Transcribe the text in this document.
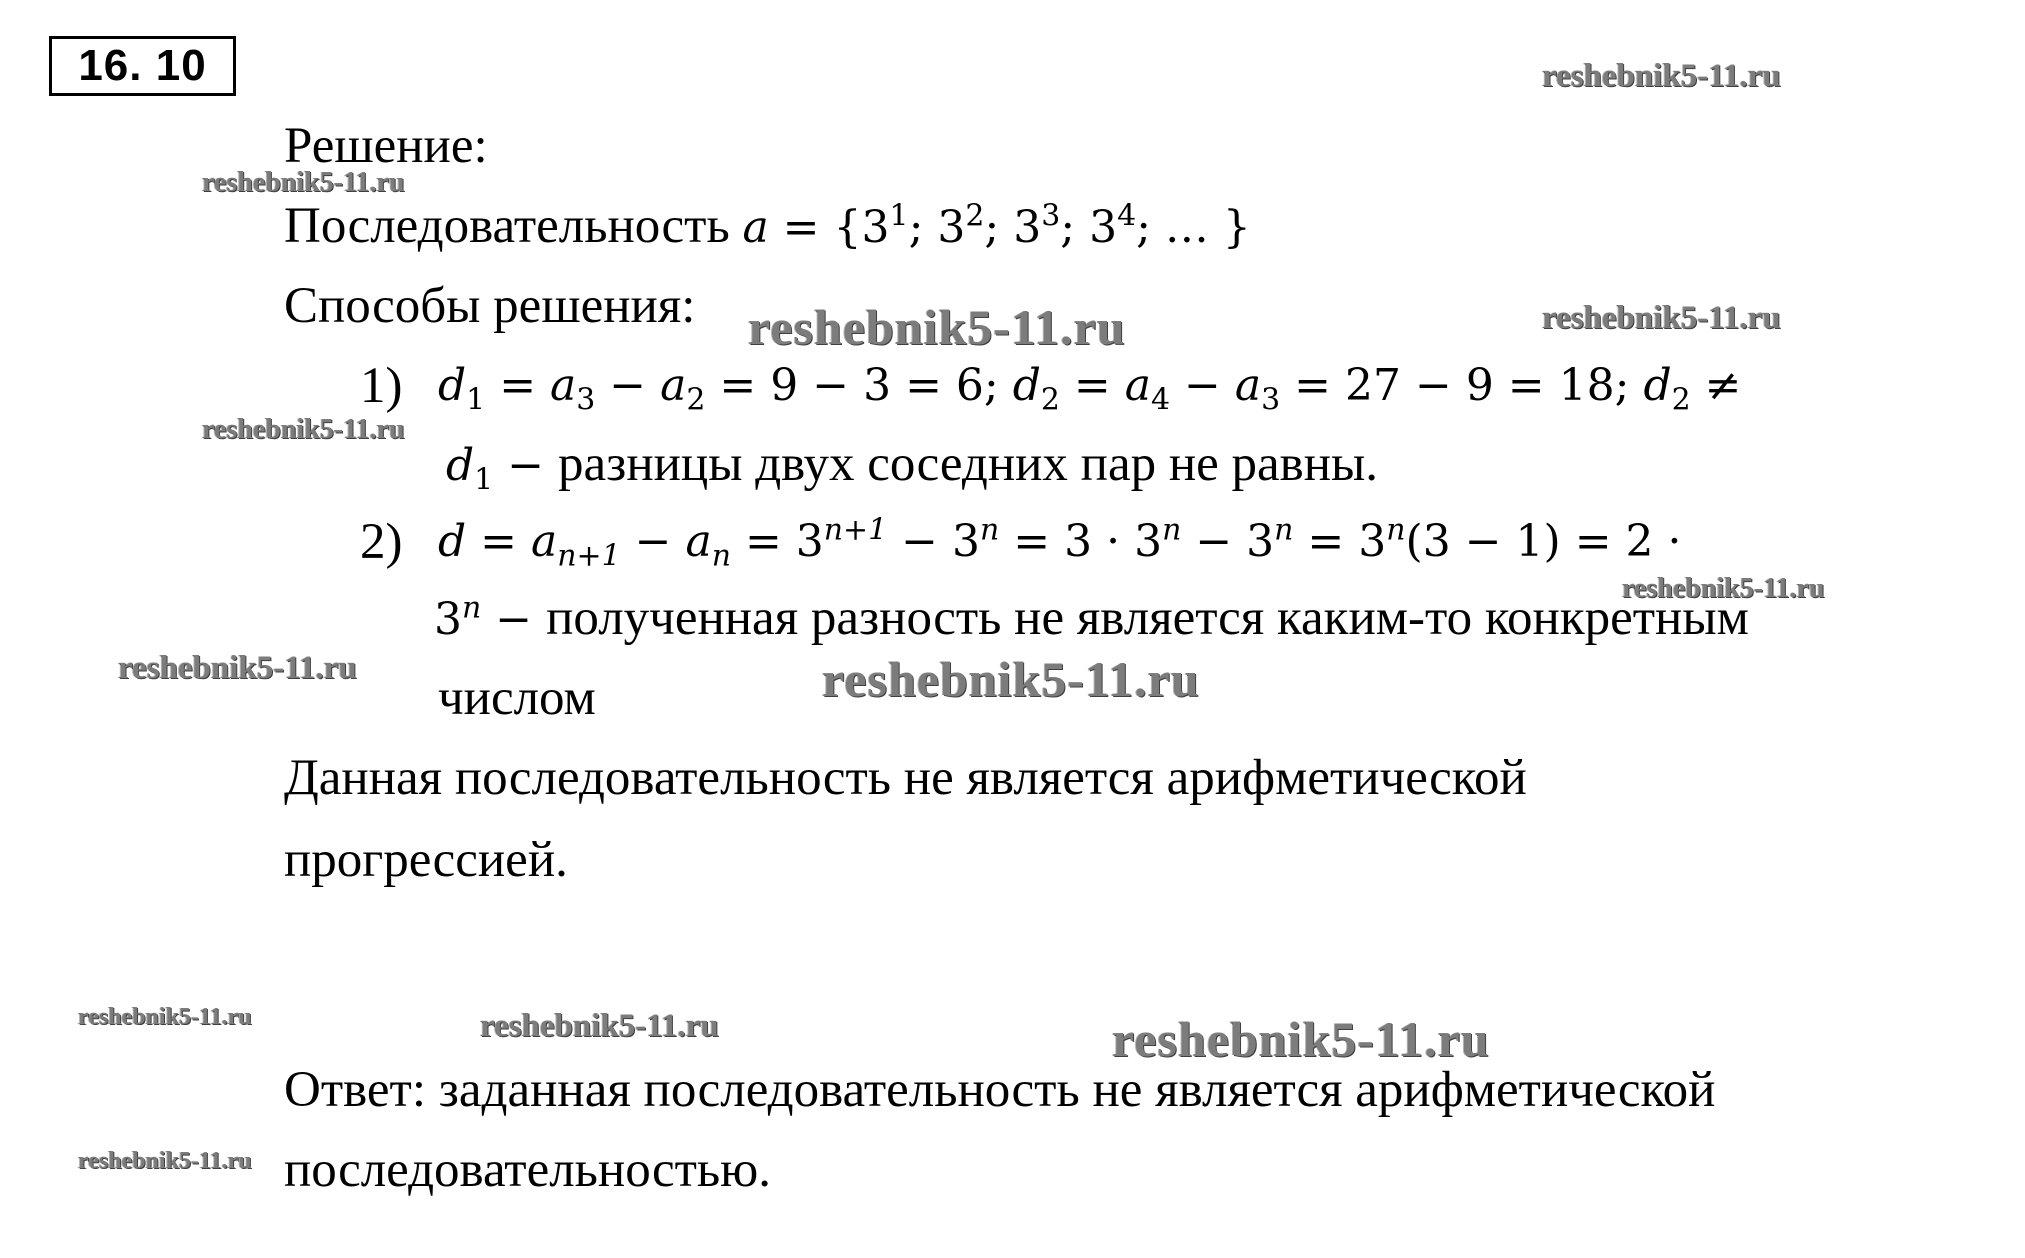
16. 10	reshebnik5-11.ru
reshebnik5-11.ru
reshebnik5-11.ru	reshebnik5-11.ru
reshebnik5-11.ru
reshebnik5-11.ru
reshebnik5-11.ru	reshebnik5-11.ru
reshebnik5-11.ru	reshebnik5-11.ru	reshebnik5-11.ru
reshebnik5-11.ru
Решение:
Последовательность $a = \{3^1$; $3^2$; $3^3$; $3^4$; … }
Способы решения:
1) $d_1 = a_3 - a_2 = 9 - 3 = 6$; $d_2 = a_4 - a_3 = 27 - 9 = 18$; $d_2$ ≠
$d_1$ − разницы двух соседних пар не равны.
2) $d = a_{n+1} - a_n = 3^{n+1} - 3^n = 3 \cdot 3^n - 3^n = 3^n(3 - 1) = 2$ ·
$3^n$ − полученная разность не является каким-то конкретным
числом
Данная последовательность не является арифметической
прогрессией.
Ответ: заданная последовательность не является арифметической
последовательностью.
